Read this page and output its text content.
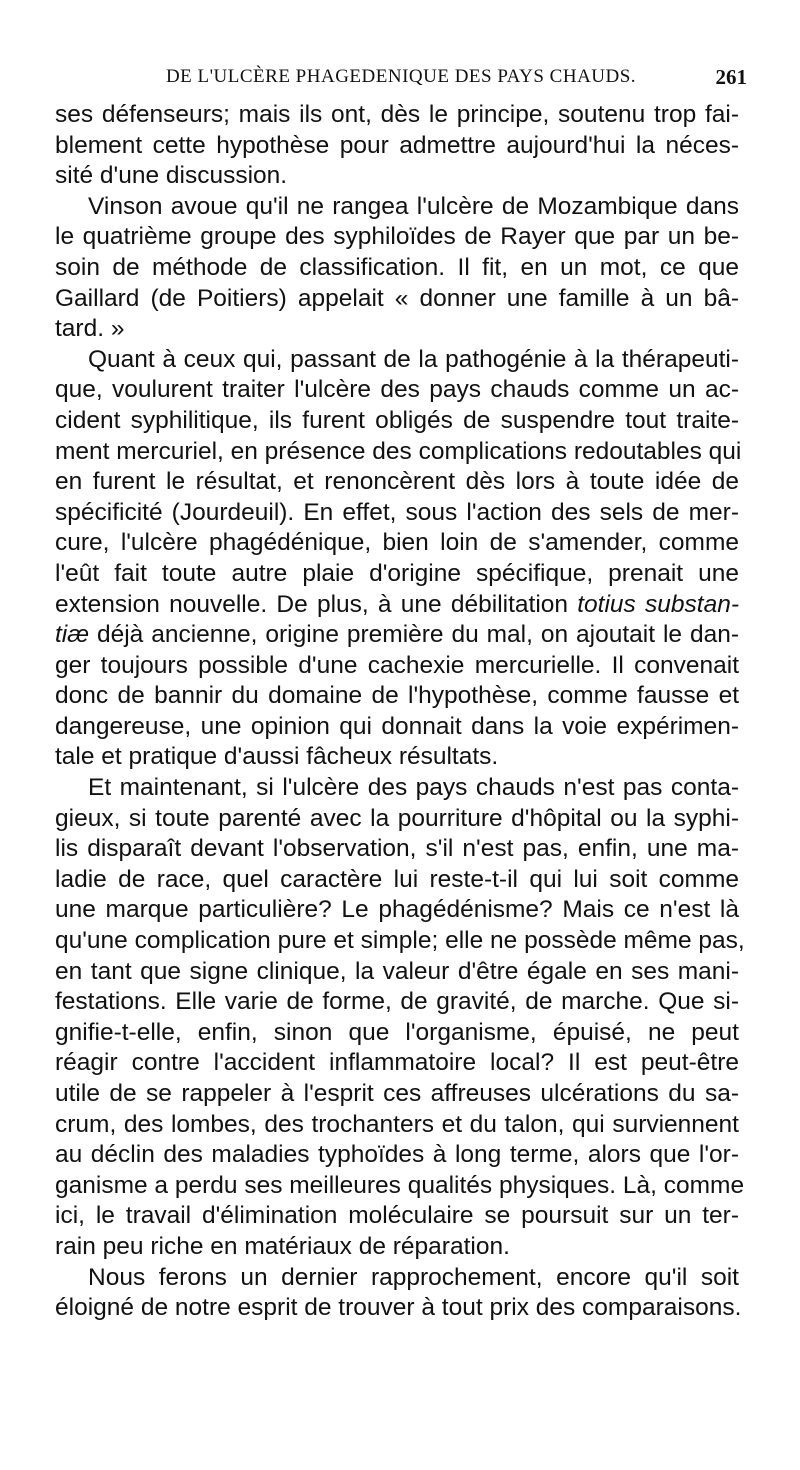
DE L'ULCÈRE PHAGEDENIQUE DES PAYS CHAUDS.	261
ses défenseurs; mais ils ont, dès le principe, soutenu trop fai-
blement cette hypothèse pour admettre aujourd'hui la néces-
sité d'une discussion.
Vinson avoue qu'il ne rangea l'ulcère de Mozambique dans
le quatrième groupe des syphiloïdes de Rayer que par un be-
soin de méthode de classification. Il fit, en un mot, ce que
Gaillard (de Poitiers) appelait « donner une famille à un bâ-
tard. »
Quant à ceux qui, passant de la pathogénie à la thérapeuti-
que, voulurent traiter l'ulcère des pays chauds comme un ac-
cident syphilitique, ils furent obligés de suspendre tout traite-
ment mercuriel, en présence des complications redoutables qui
en furent le résultat, et renoncèrent dès lors à toute idée de
spécificité (Jourdeuil). En effet, sous l'action des sels de mer-
cure, l'ulcère phagédénique, bien loin de s'amender, comme
l'eût fait toute autre plaie d'origine spécifique, prenait une
extension nouvelle. De plus, à une débilitation totius substan-
tiæ déjà ancienne, origine première du mal, on ajoutait le dan-
ger toujours possible d'une cachexie mercurielle. Il convenait
donc de bannir du domaine de l'hypothèse, comme fausse et
dangereuse, une opinion qui donnait dans la voie expérimen-
tale et pratique d'aussi fâcheux résultats.
Et maintenant, si l'ulcère des pays chauds n'est pas conta-
gieux, si toute parenté avec la pourriture d'hôpital ou la syphi-
lis disparaît devant l'observation, s'il n'est pas, enfin, une ma-
ladie de race, quel caractère lui reste-t-il qui lui soit comme
une marque particulière? Le phagédénisme? Mais ce n'est là
qu'une complication pure et simple; elle ne possède même pas,
en tant que signe clinique, la valeur d'être égale en ses mani-
festations. Elle varie de forme, de gravité, de marche. Que si-
gnifie-t-elle, enfin, sinon que l'organisme, épuisé, ne peut
réagir contre l'accident inflammatoire local? Il est peut-être
utile de se rappeler à l'esprit ces affreuses ulcérations du sa-
crum, des lombes, des trochanters et du talon, qui surviennent
au déclin des maladies typhoïdes à long terme, alors que l'or-
ganisme a perdu ses meilleures qualités physiques. Là, comme
ici, le travail d'élimination moléculaire se poursuit sur un ter-
rain peu riche en matériaux de réparation.
Nous ferons un dernier rapprochement, encore qu'il soit
éloigné de notre esprit de trouver à tout prix des comparaisons.
